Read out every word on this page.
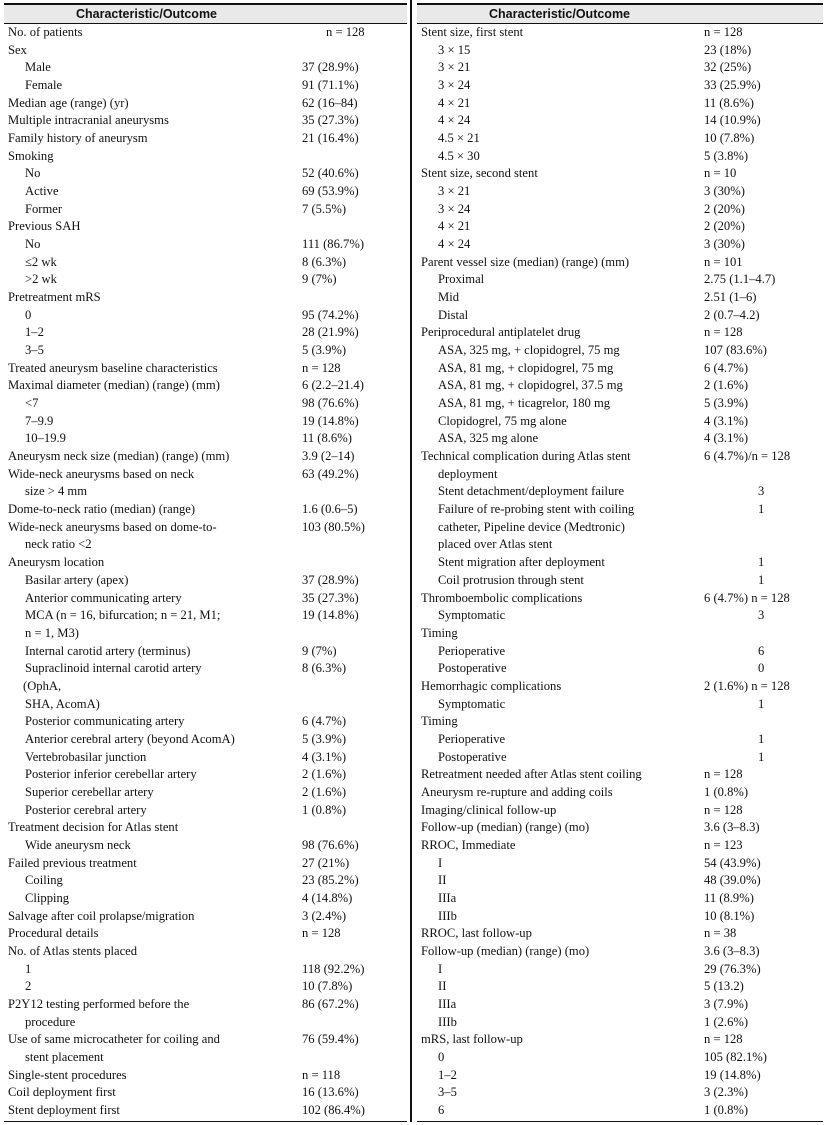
Characteristic/Outcome
No. of patients	n = 128
Sex
Male	37 (28.9%)
Female	91 (71.1%)
Median age (range) (yr)	62 (16–84)
Multiple intracranial aneurysms	35 (27.3%)
Family history of aneurysm	21 (16.4%)
Smoking
No	52 (40.6%)
Active	69 (53.9%)
Former	7 (5.5%)
Previous SAH
No	111 (86.7%)
≤2 wk	8 (6.3%)
>2 wk	9 (7%)
Pretreatment mRS
0	95 (74.2%)
1–2	28 (21.9%)
3–5	5 (3.9%)
Treated aneurysm baseline characteristics	n = 128
Maximal diameter (median) (range) (mm)	6 (2.2–21.4)
<7	98 (76.6%)
7–9.9	19 (14.8%)
10–19.9	11 (8.6%)
Aneurysm neck size (median) (range) (mm)	3.9 (2–14)
Wide-neck aneurysms based on neck	63 (49.2%)
size > 4 mm
Dome-to-neck ratio (median) (range)	1.6 (0.6–5)
Wide-neck aneurysms based on dome-to-	103 (80.5%)
neck ratio <2
Aneurysm location
Basilar artery (apex)	37 (28.9%)
Anterior communicating artery	35 (27.3%)
MCA (n = 16, bifurcation; n = 21, M1;	19 (14.8%)
n = 1, M3)
Internal carotid artery (terminus)	9 (7%)
Supraclinoid internal carotid artery	8 (6.3%)
(OphA,
SHA, AcomA)
Posterior communicating artery	6 (4.7%)
Anterior cerebral artery (beyond AcomA)	5 (3.9%)
Vertebrobasilar junction	4 (3.1%)
Posterior inferior cerebellar artery	2 (1.6%)
Superior cerebellar artery	2 (1.6%)
Posterior cerebral artery	1 (0.8%)
Treatment decision for Atlas stent
Wide aneurysm neck	98 (76.6%)
Failed previous treatment	27 (21%)
Coiling	23 (85.2%)
Clipping	4 (14.8%)
Salvage after coil prolapse/migration	3 (2.4%)
Procedural details	n = 128
No. of Atlas stents placed
1	118 (92.2%)
2	10 (7.8%)
P2Y12 testing performed before the	86 (67.2%)
procedure
Use of same microcatheter for coiling and	76 (59.4%)
stent placement
Single-stent procedures	n = 118
Coil deployment first	16 (13.6%)
Stent deployment first	102 (86.4%)
Characteristic/Outcome
Stent size, first stent	n = 128
3 × 15	23 (18%)
3 × 21	32 (25%)
3 × 24	33 (25.9%)
4 × 21	11 (8.6%)
4 × 24	14 (10.9%)
4.5 × 21	10 (7.8%)
4.5 × 30	5 (3.8%)
Stent size, second stent	n = 10
3 × 21	3 (30%)
3 × 24	2 (20%)
4 × 21	2 (20%)
4 × 24	3 (30%)
Parent vessel size (median) (range) (mm)	n = 101
Proximal	2.75 (1.1–4.7)
Mid	2.51 (1–6)
Distal	2 (0.7–4.2)
Periprocedural antiplatelet drug	n = 128
ASA, 325 mg, + clopidogrel, 75 mg	107 (83.6%)
ASA, 81 mg, + clopidogrel, 75 mg	6 (4.7%)
ASA, 81 mg, + clopidogrel, 37.5 mg	2 (1.6%)
ASA, 81 mg, + ticagrelor, 180 mg	5 (3.9%)
Clopidogrel, 75 mg alone	4 (3.1%)
ASA, 325 mg alone	4 (3.1%)
Technical complication during Atlas stent	6 (4.7%)/n = 128
deployment
Stent detachment/deployment failure	3
Failure of re-probing stent with coiling	1
catheter, Pipeline device (Medtronic)
placed over Atlas stent
Stent migration after deployment	1
Coil protrusion through stent	1
Thromboembolic complications	6 (4.7%) n = 128
Symptomatic	3
Timing
Perioperative	6
Postoperative	0
Hemorrhagic complications	2 (1.6%) n = 128
Symptomatic	1
Timing
Perioperative	1
Postoperative	1
Retreatment needed after Atlas stent coiling	n = 128
Aneurysm re-rupture and adding coils	1 (0.8%)
Imaging/clinical follow-up	n = 128
Follow-up (median) (range) (mo)	3.6 (3–8.3)
RROC, Immediate	n = 123
I	54 (43.9%)
II	48 (39.0%)
IIIa	11 (8.9%)
IIIb	10 (8.1%)
RROC, last follow-up	n = 38
Follow-up (median) (range) (mo)	3.6 (3–8.3)
I	29 (76.3%)
II	5 (13.2)
IIIa	3 (7.9%)
IIIb	1 (2.6%)
mRS, last follow-up	n = 128
0	105 (82.1%)
1–2	19 (14.8%)
3–5	3 (2.3%)
6	1 (0.8%)
